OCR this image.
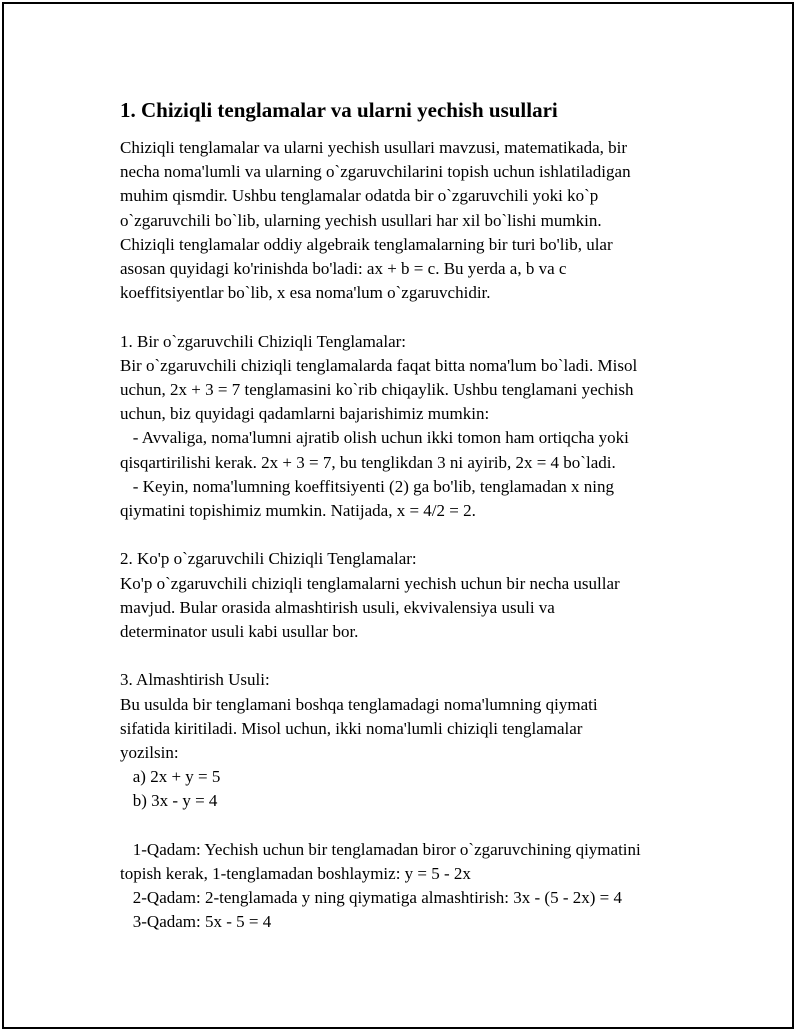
1. Chiziqli tenglamalar va ularni yechish usullari

Chiziqli tenglamalar va ularni yechish usullari mavzusi, matematikada, bir

necha noma'lumli va ularning o`zgaruvchilarini topish uchun ishlatiladigan

muhim qismdir. Ushbu tenglamalar odatda bir o`zgaruvchili yoki ko`p

o`zgaruvchili bo`lib, ularning yechish usullari har xil bo`lishi mumkin.

Chiziqli tenglamalar oddiy algebraik tenglamalarning bir turi bo'lib, ular

asosan quyidagi ko'rinishda bo'ladi: ax + b = c. Bu yerda a, b va c

koeffitsiyentlar bo`lib, x esa noma'lum o`zgaruvchidir.

1. Bir o`zgaruvchili Chiziqli Tenglamalar:

Bir o`zgaruvchili chiziqli tenglamalarda faqat bitta noma'lum bo`ladi. Misol

uchun, 2x + 3 = 7 tenglamasini ko`rib chiqaylik. Ushbu tenglamani yechish

uchun, biz quyidagi qadamlarni bajarishimiz mumkin:

- Avvaliga, noma'lumni ajratib olish uchun ikki tomon ham ortiqcha yoki

qisqartirilishi kerak. 2x + 3 = 7, bu tenglikdan 3 ni ayirib, 2x = 4 bo`ladi.

- Keyin, noma'lumning koeffitsiyenti (2) ga bo'lib, tenglamadan x ning

qiymatini topishimiz mumkin. Natijada, x = 4/2 = 2.

2. Ko'p o`zgaruvchili Chiziqli Tenglamalar:

Ko'p o`zgaruvchili chiziqli tenglamalarni yechish uchun bir necha usullar

mavjud. Bular orasida almashtirish usuli, ekvivalensiya usuli va

determinator usuli kabi usullar bor.

3. Almashtirish Usuli:

Bu usulda bir tenglamani boshqa tenglamadagi noma'lumning qiymati

sifatida kiritiladi. Misol uchun, ikki noma'lumli chiziqli tenglamalar

yozilsin:

a) 2x + y = 5

b) 3x - y = 4

1-Qadam: Yechish uchun bir tenglamadan biror o`zgaruvchining qiymatini

topish kerak, 1-tenglamadan boshlaymiz: y = 5 - 2x

2-Qadam: 2-tenglamada y ning qiymatiga almashtirish: 3x - (5 - 2x) = 4

3-Qadam: 5x - 5 = 4
